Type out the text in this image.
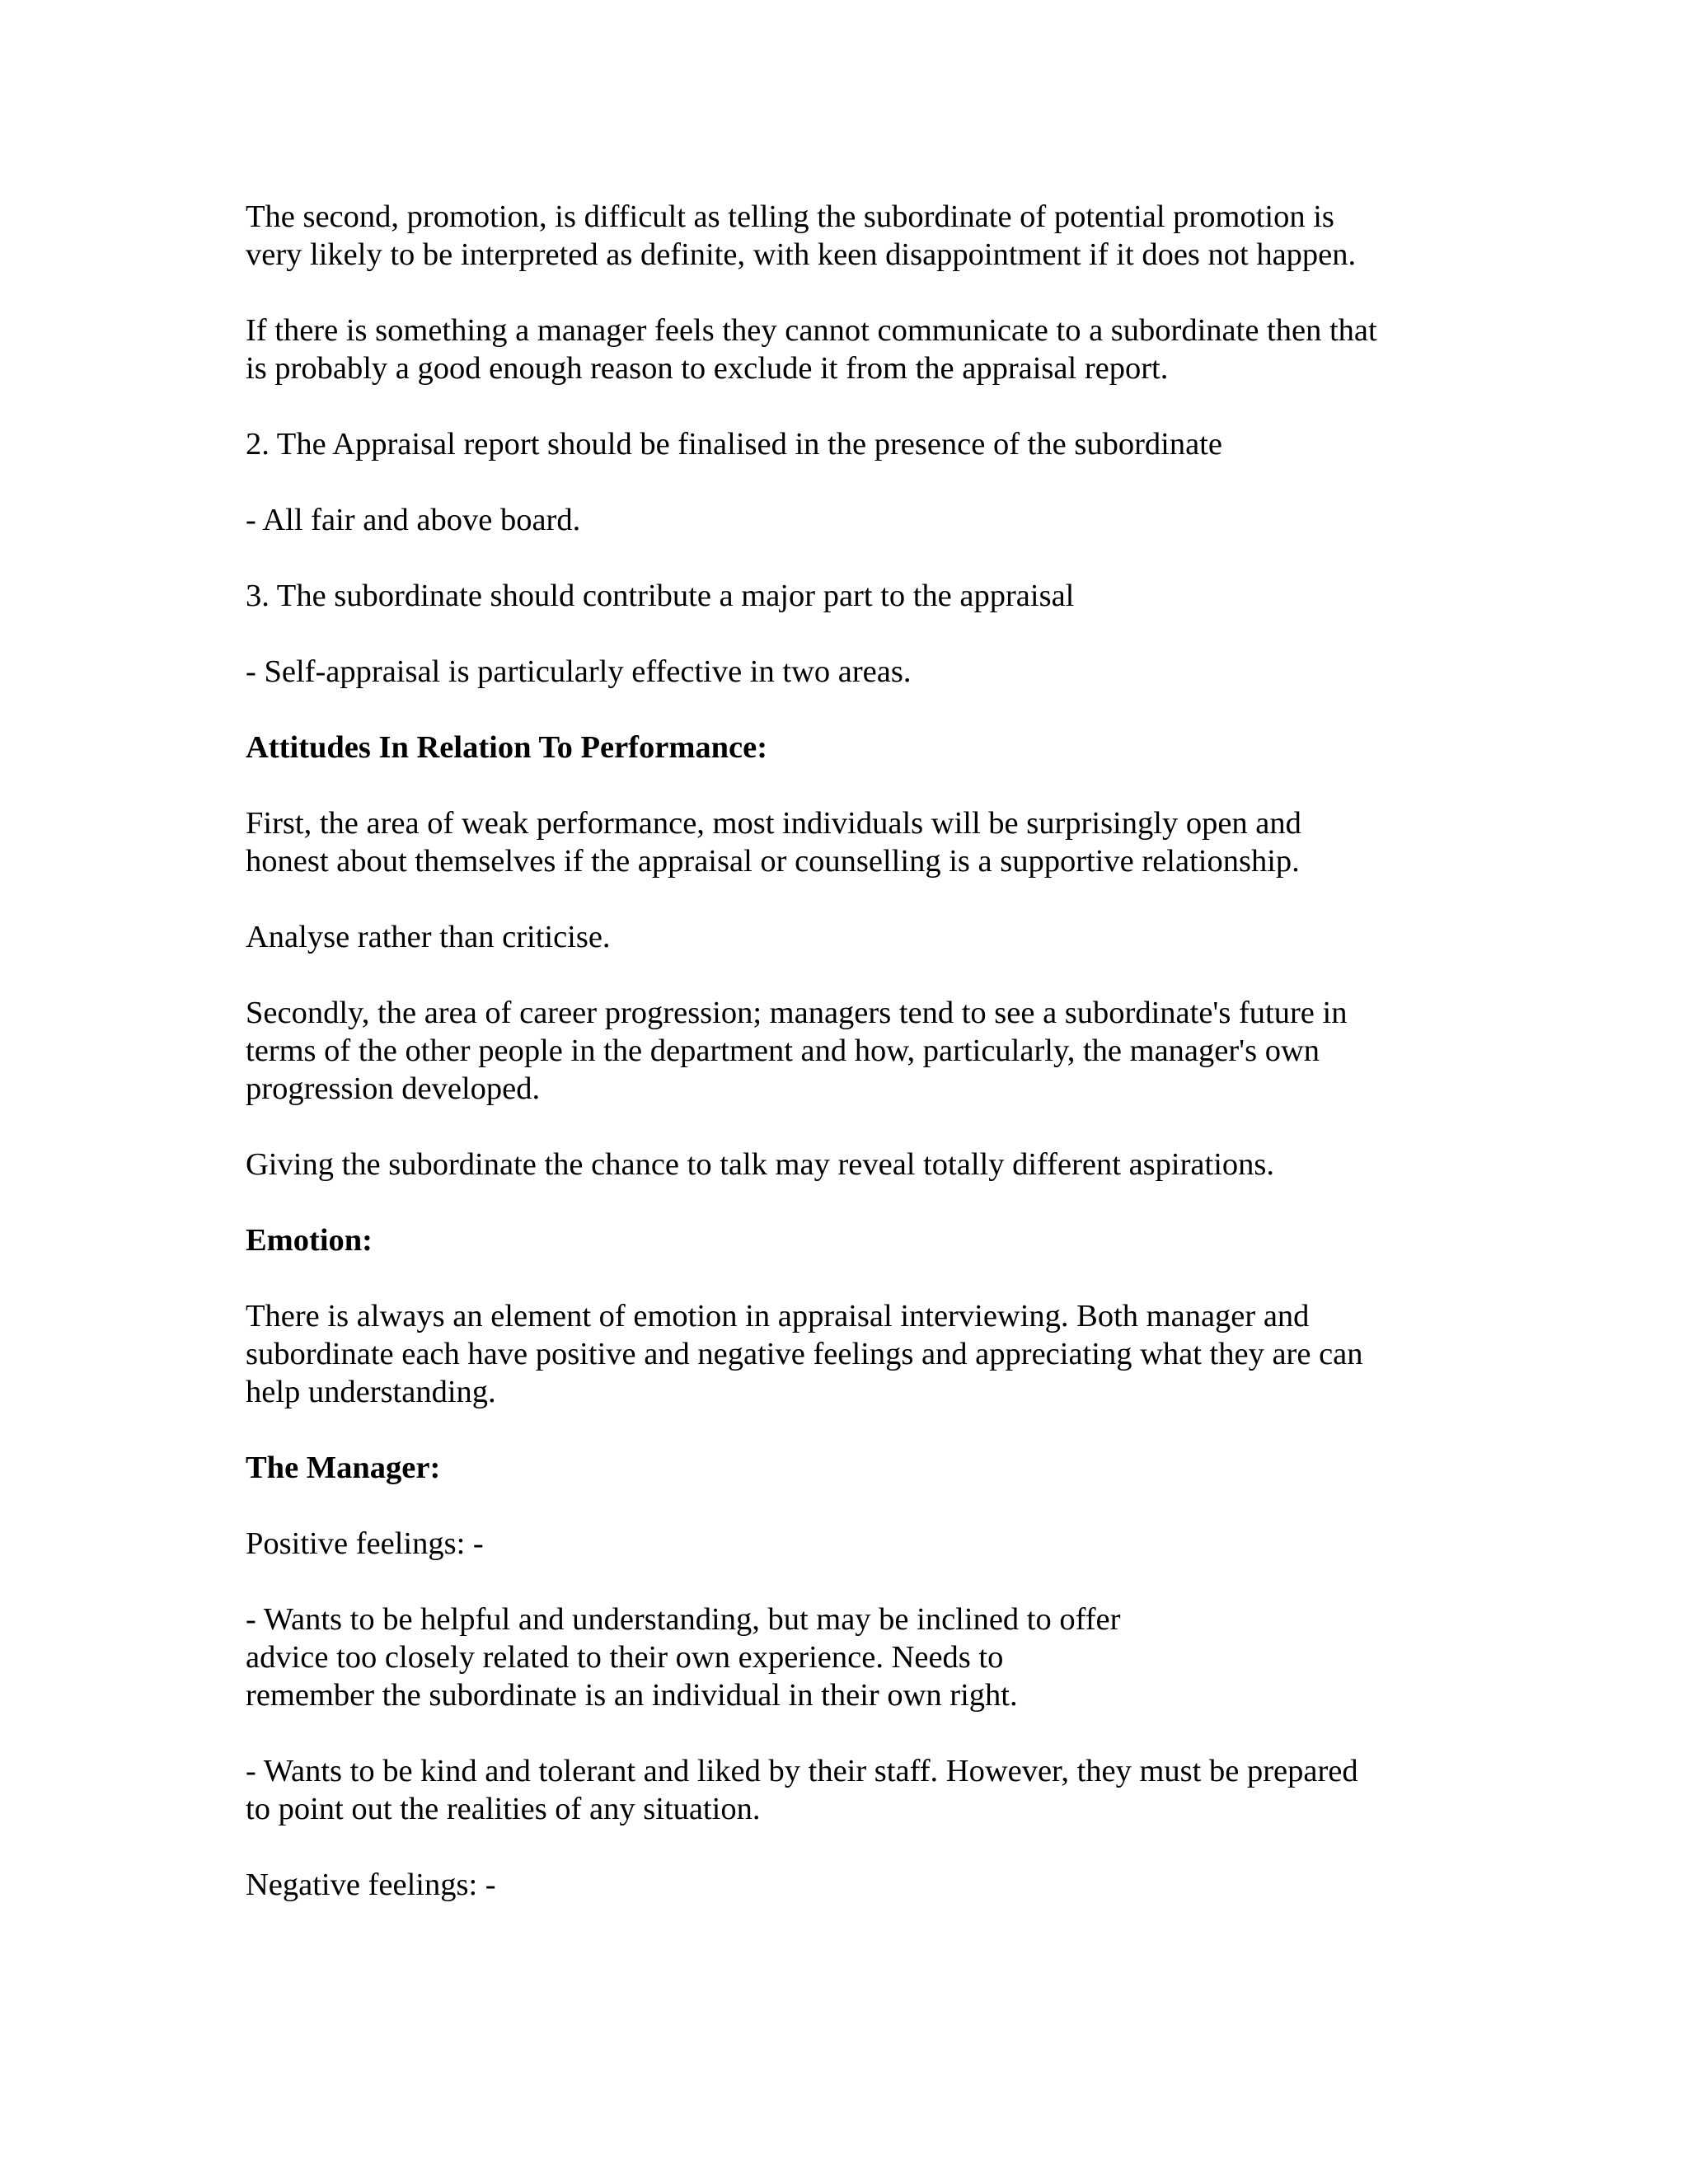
The second, promotion, is difficult as telling the subordinate of potential promotion is
very likely to be interpreted as definite, with keen disappointment if it does not happen.
If there is something a manager feels they cannot communicate to a subordinate then that
is probably a good enough reason to exclude it from the appraisal report.
2. The Appraisal report should be finalised in the presence of the subordinate
- All fair and above board.
3. The subordinate should contribute a major part to the appraisal
- Self-appraisal is particularly effective in two areas.
Attitudes In Relation To Performance:
First, the area of weak performance, most individuals will be surprisingly open and
honest about themselves if the appraisal or counselling is a supportive relationship.
Analyse rather than criticise.
Secondly, the area of career progression; managers tend to see a subordinate's future in
terms of the other people in the department and how, particularly, the manager's own
progression developed.
Giving the subordinate the chance to talk may reveal totally different aspirations.
Emotion:
There is always an element of emotion in appraisal interviewing. Both manager and
subordinate each have positive and negative feelings and appreciating what they are can
help understanding.
The Manager:
Positive feelings: -
- Wants to be helpful and understanding, but may be inclined to offer
advice too closely related to their own experience. Needs to
remember the subordinate is an individual in their own right.
- Wants to be kind and tolerant and liked by their staff. However, they must be prepared
to point out the realities of any situation.
Negative feelings: -
